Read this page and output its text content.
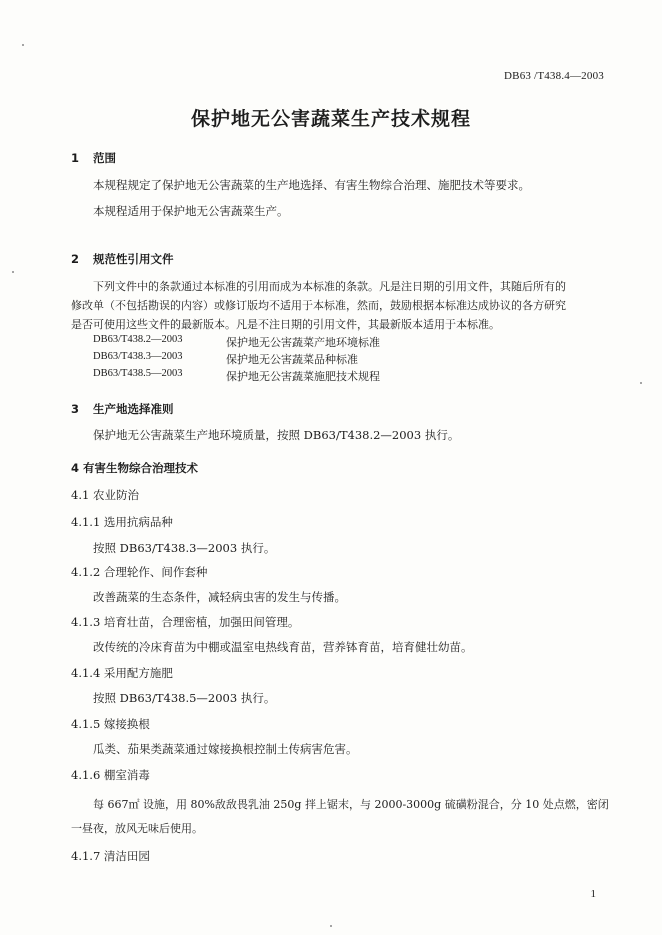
DB63 /T438.4—2003
保护地无公害蔬菜生产技术规程
1 范围
本规程规定了保护地无公害蔬菜的生产地选择、有害生物综合治理、施肥技术等要求。
本规程适用于保护地无公害蔬菜生产。
2 规范性引用文件
下列文件中的条款通过本标准的引用而成为本标准的条款。凡是注日期的引用文件，其随后所有的
修改单（不包括勘误的内容）或修订版均不适用于本标准，然而，鼓励根据本标准达成协议的各方研究
是否可使用这些文件的最新版本。凡是不注日期的引用文件，其最新版本适用于本标准。
DB63/T438.2—2003	保护地无公害蔬菜产地环境标准
DB63/T438.3—2003	保护地无公害蔬菜品种标准
DB63/T438.5—2003	保护地无公害蔬菜施肥技术规程
3 生产地选择准则
保护地无公害蔬菜生产地环境质量，按照 DB63/T438.2—2003 执行。
4 有害生物综合治理技术
4.1 农业防治
4.1.1 选用抗病品种
按照 DB63/T438.3—2003 执行。
4.1.2 合理轮作、间作套种
改善蔬菜的生态条件，减轻病虫害的发生与传播。
4.1.3 培育壮苗，合理密植，加强田间管理。
改传统的冷床育苗为中棚或温室电热线育苗，营养钵育苗，培育健壮幼苗。
4.1.4 采用配方施肥
按照 DB63/T438.5—2003 执行。
4.1.5 嫁接换根
瓜类、茄果类蔬菜通过嫁接换根控制土传病害危害。
4.1.6 棚室消毒
每 667㎡ 设施，用 80%敌敌畏乳油 250g 拌上锯末，与 2000-3000g 硫磺粉混合，分 10 处点燃，密闭
一昼夜，放风无味后使用。
4.1.7 清洁田园
1
